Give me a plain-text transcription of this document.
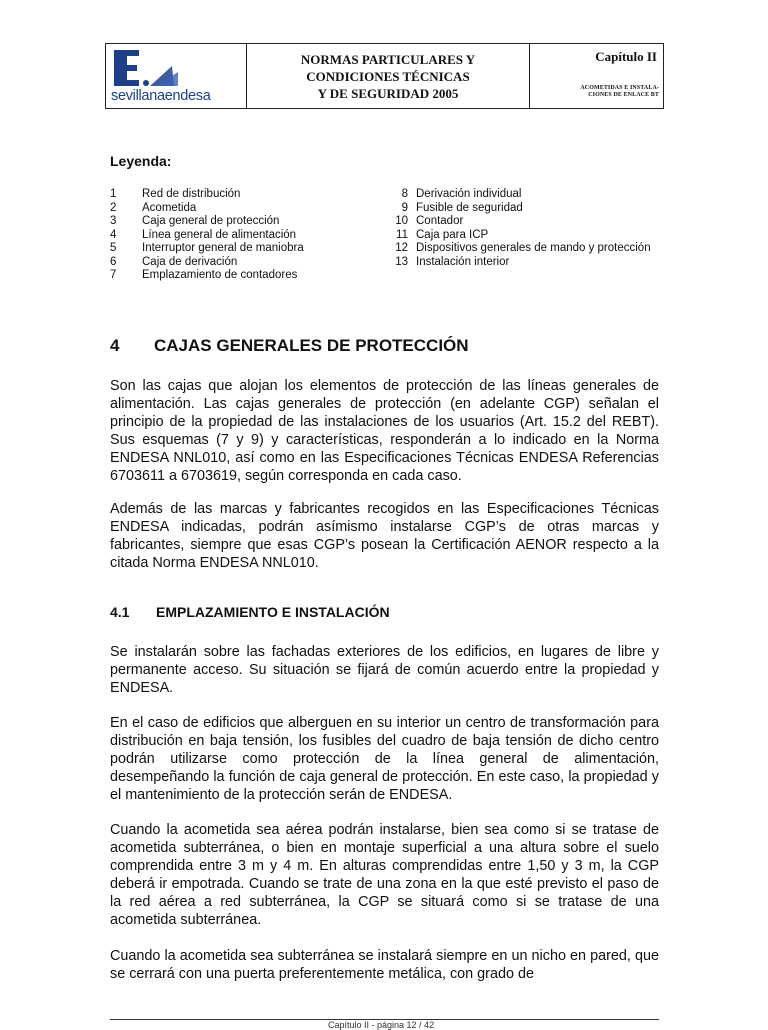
sevillanaendesa
NORMAS PARTICULARES Y
CONDICIONES TÉCNICAS
Y DE SEGURIDAD 2005
Capítulo II
ACOMETIDAS E INSTALA-
CIONES DE ENLACE BT
Leyenda:
1	Red de distribución
2	Acometida
3	Caja general de protección
4	Línea general de alimentación
5	Interruptor general de maniobra
6	Caja de derivación
7	Emplazamiento de contadores
8 Derivación individual
9 Fusible de seguridad
10 Contador
11 Caja para ICP
12 Dispositivos generales de mando y protección
13 Instalación interior
4 CAJAS GENERALES DE PROTECCIÓN
Son las cajas que alojan los elementos de protección de las líneas generales de alimentación. Las cajas generales de protección (en adelante CGP) señalan el principio de la propiedad de las instalaciones de los usuarios (Art. 15.2 del REBT). Sus esquemas (7 y 9) y características, responderán a lo indicado en la Norma ENDESA NNL010, así como en las Especificaciones Técnicas ENDESA Referencias 6703611 a 6703619, según corresponda en cada caso.
Además de las marcas y fabricantes recogidos en las Especificaciones Técnicas ENDESA indicadas, podrán asímismo instalarse CGP’s de otras marcas y fabricantes, siempre que esas CGP’s posean la Certificación AENOR respecto a la citada Norma ENDESA NNL010.
4.1 EMPLAZAMIENTO E INSTALACIÓN
Se instalarán sobre las fachadas exteriores de los edificios, en lugares de libre y permanente acceso. Su situación se fijará de común acuerdo entre la propiedad y ENDESA.
En el caso de edificios que alberguen en su interior un centro de transformación para distribución en baja tensión, los fusibles del cuadro de baja tensión de dicho centro podrán utilizarse como protección de la línea general de alimentación, desempeñando la función de caja general de protección. En este caso, la propiedad y el mantenimiento de la protección serán de ENDESA.
Cuando la acometida sea aérea podrán instalarse, bien sea como si se tratase de acometida subterránea, o bien en montaje superficial a una altura sobre el suelo comprendida entre 3 m y 4 m. En alturas comprendidas entre 1,50 y 3 m, la CGP deberá ir empotrada. Cuando se trate de una zona en la que esté previsto el paso de la red aérea a red subterránea, la CGP se situará como si se tratase de una acometida subterránea.
Cuando la acometida sea subterránea se instalará siempre en un nicho en pared, que se cerrará con una puerta preferentemente metálica, con grado de
Capítulo II - página 12 / 42
